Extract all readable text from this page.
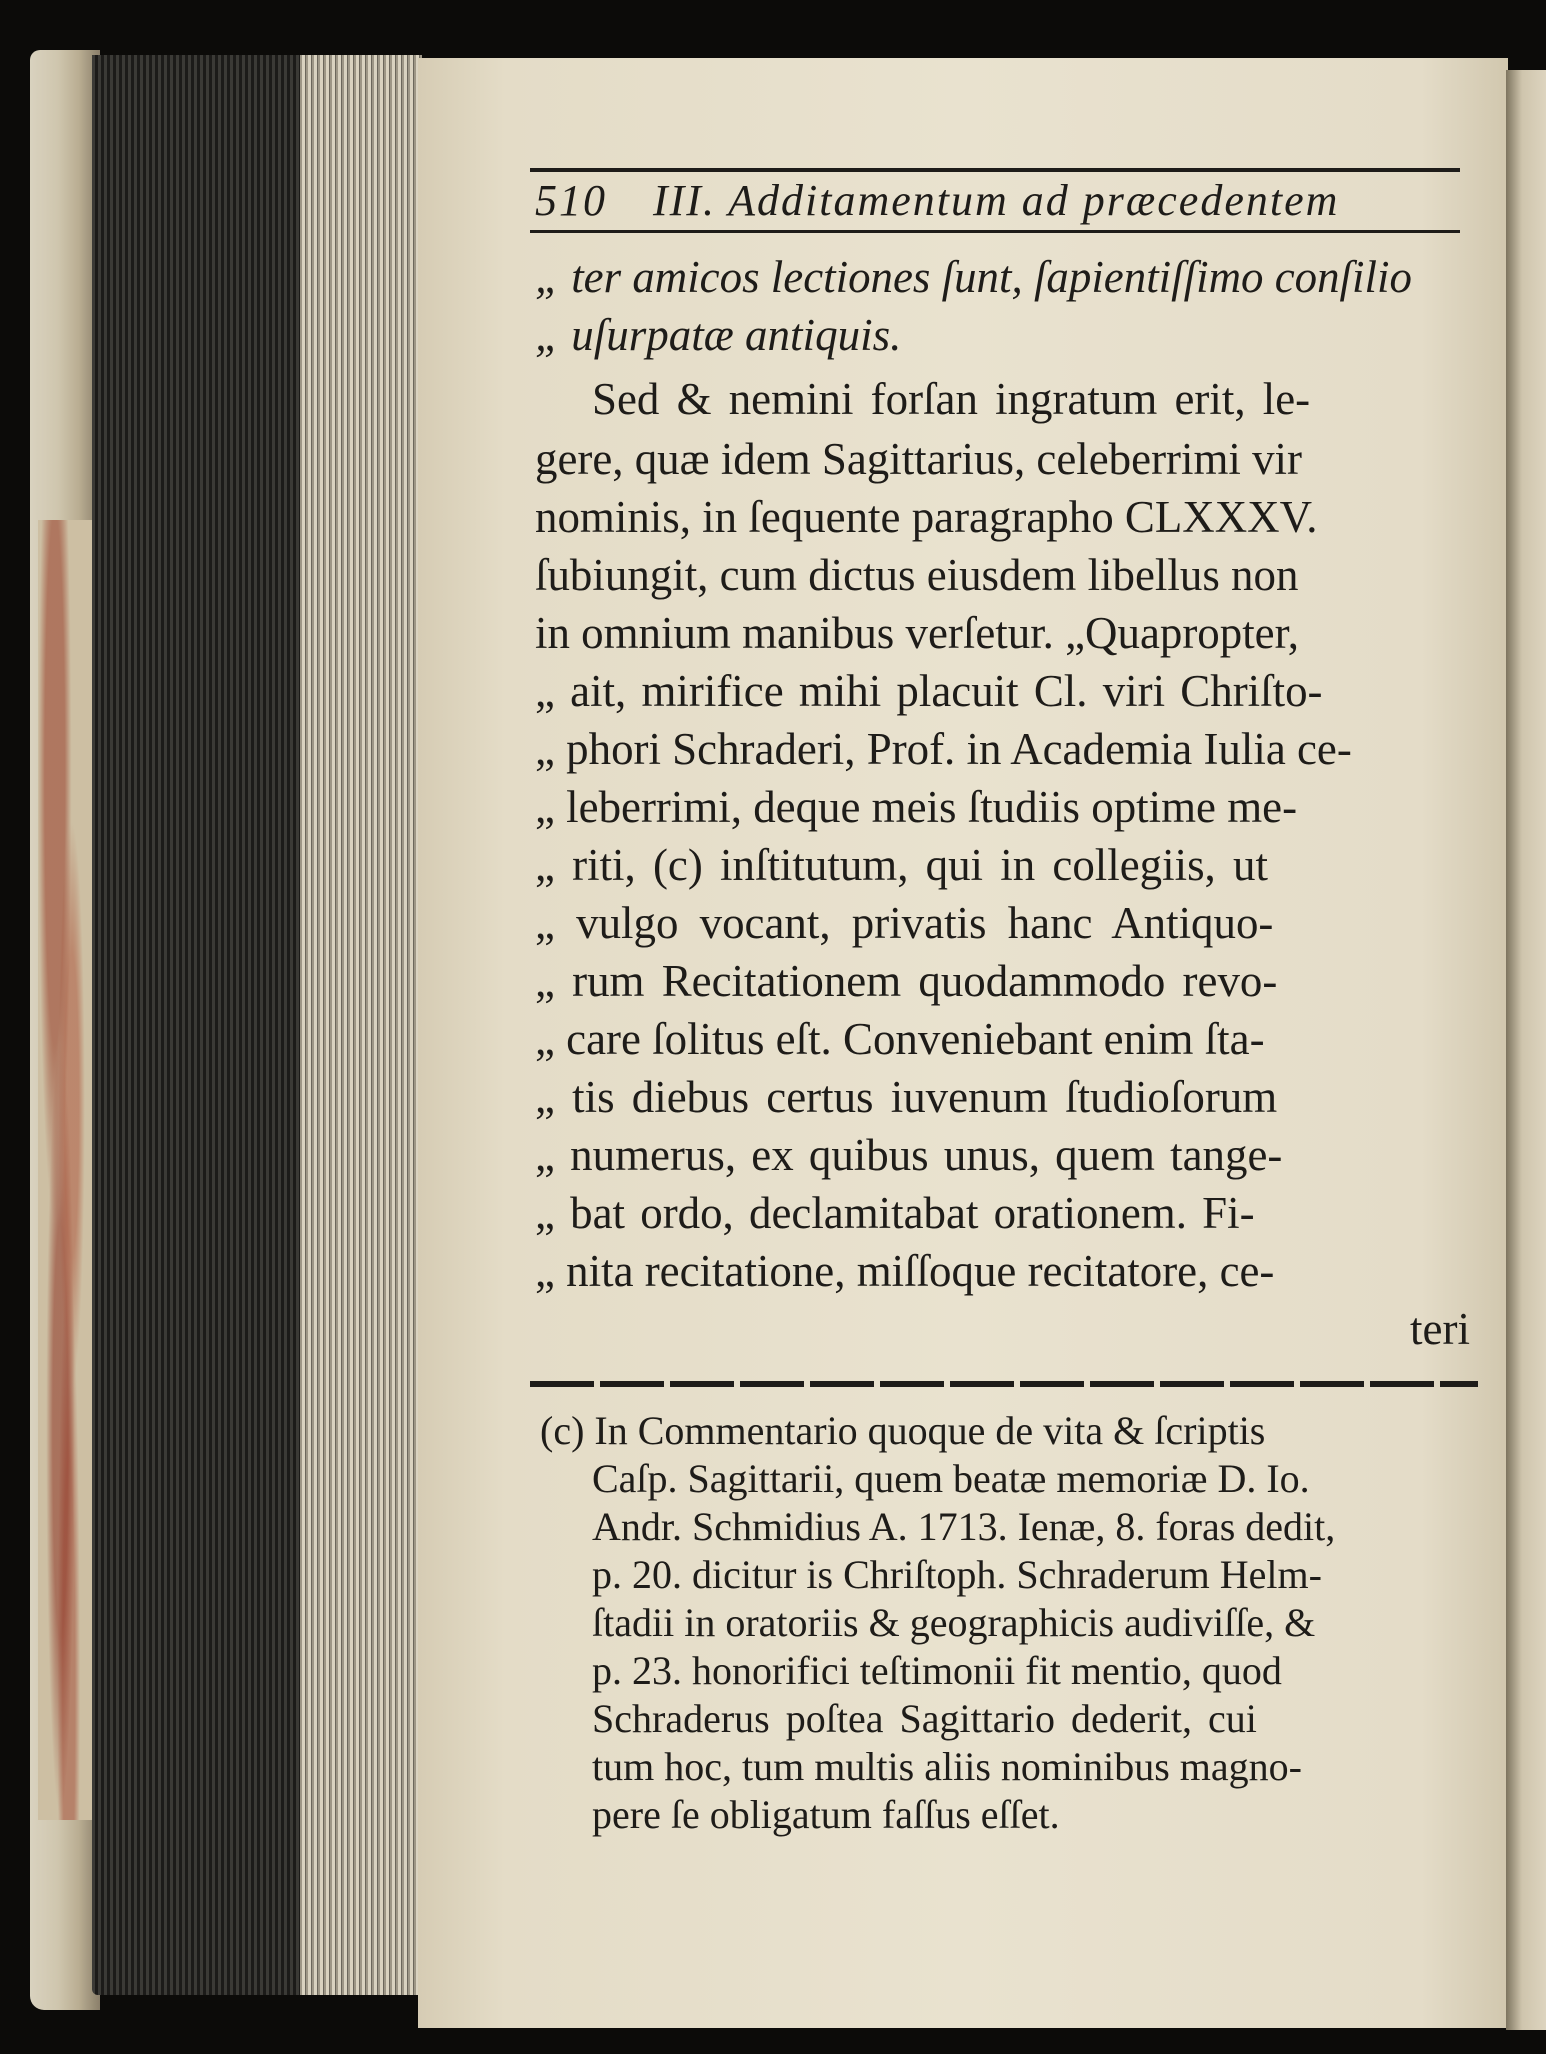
510	III. Additamentum ad præcedentem
„ ter amicos lectiones ſunt, ſapientiſſimo conſilio
„ uſurpatæ antiquis.
Sed & nemini forſan ingratum erit, le-
gere, quæ idem Sagittarius, celeberrimi vir
nominis, in ſequente paragrapho CLXXXV.
ſubiungit, cum dictus eiusdem libellus non
in omnium manibus verſetur. „Quapropter,
„ ait, mirifice mihi placuit Cl. viri Chriſto-
„ phori Schraderi, Prof. in Academia Iulia ce-
„ leberrimi, deque meis ſtudiis optime me-
„ riti, (c) inſtitutum, qui in collegiis, ut
„ vulgo vocant, privatis hanc Antiquo-
„ rum Recitationem quodammodo revo-
„ care ſolitus eſt. Conveniebant enim ſta-
„ tis diebus certus iuvenum ſtudioſorum
„ numerus, ex quibus unus, quem tange-
„ bat ordo, declamitabat orationem. Fi-
„ nita recitatione, miſſoque recitatore, ce-
teri
(c) In Commentario quoque de vita & ſcriptis
Caſp. Sagittarii, quem beatæ memoriæ D. Io.
Andr. Schmidius A. 1713. Ienæ, 8. foras dedit,
p. 20. dicitur is Chriſtoph. Schraderum Helm-
ſtadii in oratoriis & geographicis audiviſſe, &
p. 23. honorifici teſtimonii fit mentio, quod
Schraderus poſtea Sagittario dederit, cui
tum hoc, tum multis aliis nominibus magno-
pere ſe obligatum faſſus eſſet.
